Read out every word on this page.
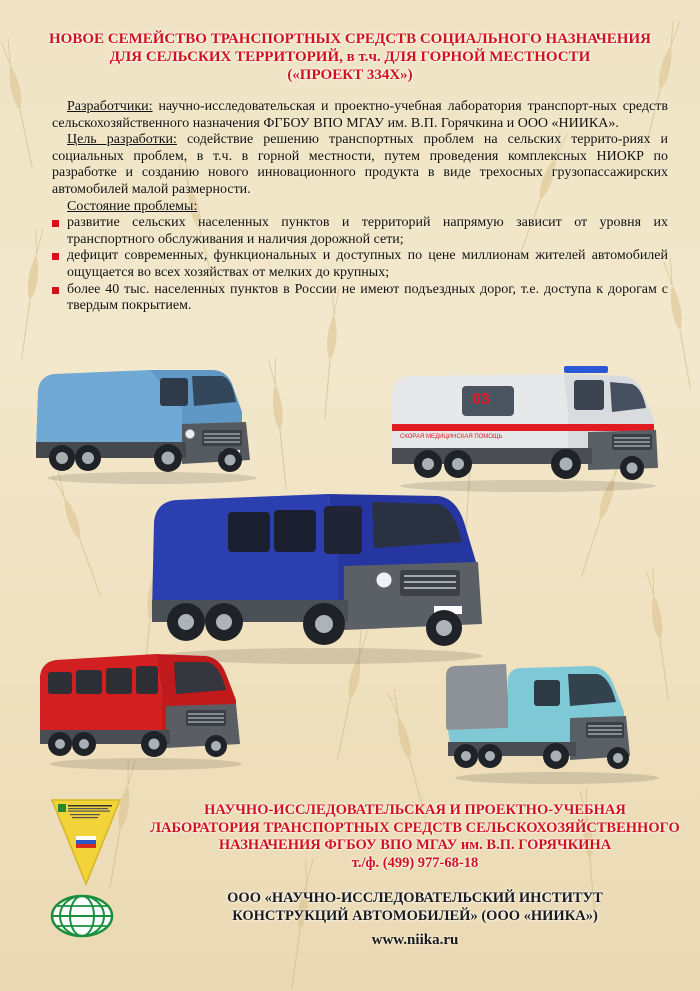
НОВОЕ СЕМЕЙСТВО ТРАНСПОРТНЫХ СРЕДСТВ СОЦИАЛЬНОГО НАЗНАЧЕНИЯ
ДЛЯ СЕЛЬСКИХ ТЕРРИТОРИЙ, в т.ч. ДЛЯ ГОРНОЙ МЕСТНОСТИ
(«ПРОЕКТ 334Х»)

Разработчики: научно-исследовательская и проектно-учебная лаборатория транспорт-ных средств сельскохозяйственного назначения ФГБОУ ВПО МГАУ им. В.П. Горячкина и ООО «НИИКА».

Цель разработки: содействие решению транспортных проблем на сельских террито-риях и социальных проблем, в т.ч. в горной местности, путем проведения комплексных НИОКР по разработке и созданию нового инновационного продукта в виде трехосных грузопассажирских автомобилей малой размерности.

Состояние проблемы:
развитие сельских населенных пунктов и территорий напрямую зависит от уровня их транспортного обслуживания и наличия дорожной сети;
дефицит современных, функциональных и доступных по цене миллионам жителей автомобилей ощущается во всех хозяйствах от мелких до крупных;
более 40 тыс. населенных пунктов в России не имеют подъездных дорог, т.е. доступа к дорогам с твердым покрытием.
03
СКОРАЯ МЕДИЦИНСКАЯ ПОМОЩЬ
НАУЧНО-ИССЛЕДОВАТЕЛЬСКАЯ И ПРОЕКТНО-УЧЕБНАЯ
ЛАБОРАТОРИЯ ТРАНСПОРТНЫХ СРЕДСТВ СЕЛЬСКОХОЗЯЙСТВЕННОГО
НАЗНАЧЕНИЯ ФГБОУ ВПО МГАУ им. В.П. ГОРЯЧКИНА
т./ф. (499) 977-68-18
ООО «НАУЧНО-ИССЛЕДОВАТЕЛЬСКИЙ ИНСТИТУТ
КОНСТРУКЦИЙ АВТОМОБИЛЕЙ» (ООО «НИИКА»)
www.niika.ru
